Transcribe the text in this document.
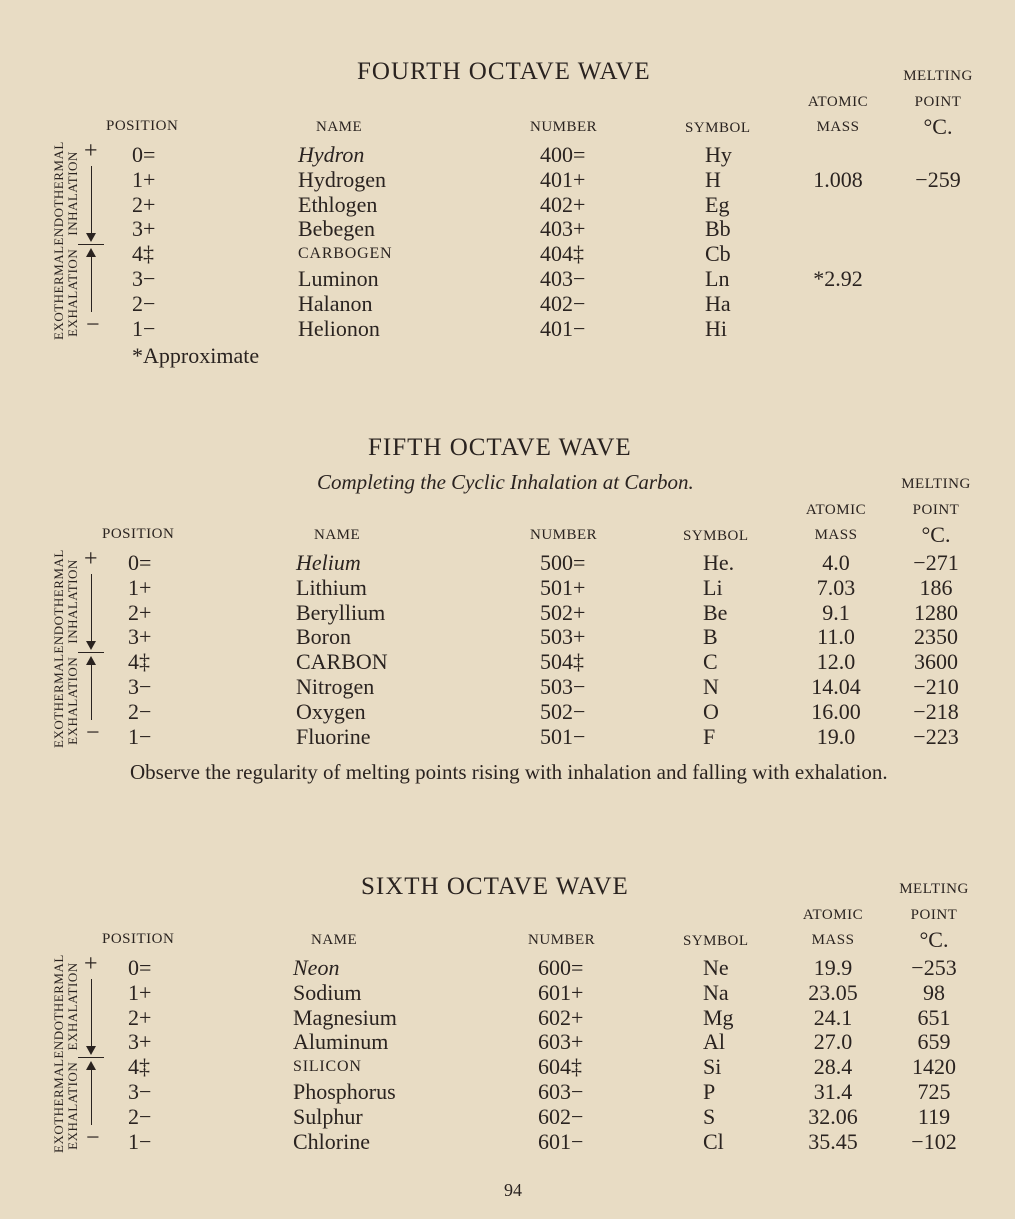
FOURTH OCTAVE WAVE	MELTING
ATOMIC	POINT
POSITION	NAME	NUMBER	SYMBOL	MASS	°C.
0=	Hydron	400=	Hy
1+	Hydrogen	401+	H	1.008	−259
2+	Ethlogen	402+	Eg
3+	Bebegen	403+	Bb
4‡	CARBOGEN	404‡	Cb
3−	Luminon	403−	Ln	*2.92
2−	Halanon	402−	Ha
1−	Helionon	401−	Hi
+
−
ENDOTHERMAL INHALATION
EXOTHERMAL EXHALATION
*Approximate
FIFTH OCTAVE WAVE
Completing the Cyclic Inhalation at Carbon.	MELTING
ATOMIC	POINT
POSITION	NAME	NUMBER	SYMBOL	MASS	°C.
0=	Helium	500=	He.	4.0	−271
1+	Lithium	501+	Li	7.03	186
2+	Beryllium	502+	Be	9.1	1280
3+	Boron	503+	B	11.0	2350
4‡	CARBON	504‡	C	12.0	3600
3−	Nitrogen	503−	N	14.04	−210
2−	Oxygen	502−	O	16.00	−218
1−	Fluorine	501−	F	19.0	−223
+
−
ENDOTHERMAL INHALATION
EXOTHERMAL EXHALATION
Observe the regularity of melting points rising with inhalation and falling with exhalation.
SIXTH OCTAVE WAVE	MELTING
ATOMIC	POINT
POSITION	NAME	NUMBER	SYMBOL	MASS	°C.
0=	Neon	600=	Ne	19.9	−253
1+	Sodium	601+	Na	23.05	98
2+	Magnesium	602+	Mg	24.1	651
3+	Aluminum	603+	Al	27.0	659
4‡	SILICON	604‡	Si	28.4	1420
3−	Phosphorus	603−	P	31.4	725
2−	Sulphur	602−	S	32.06	119
1−	Chlorine	601−	Cl	35.45	−102
+
−
ENDOTHERMAL EXHALATION
EXOTHERMAL EXHALATION
94
